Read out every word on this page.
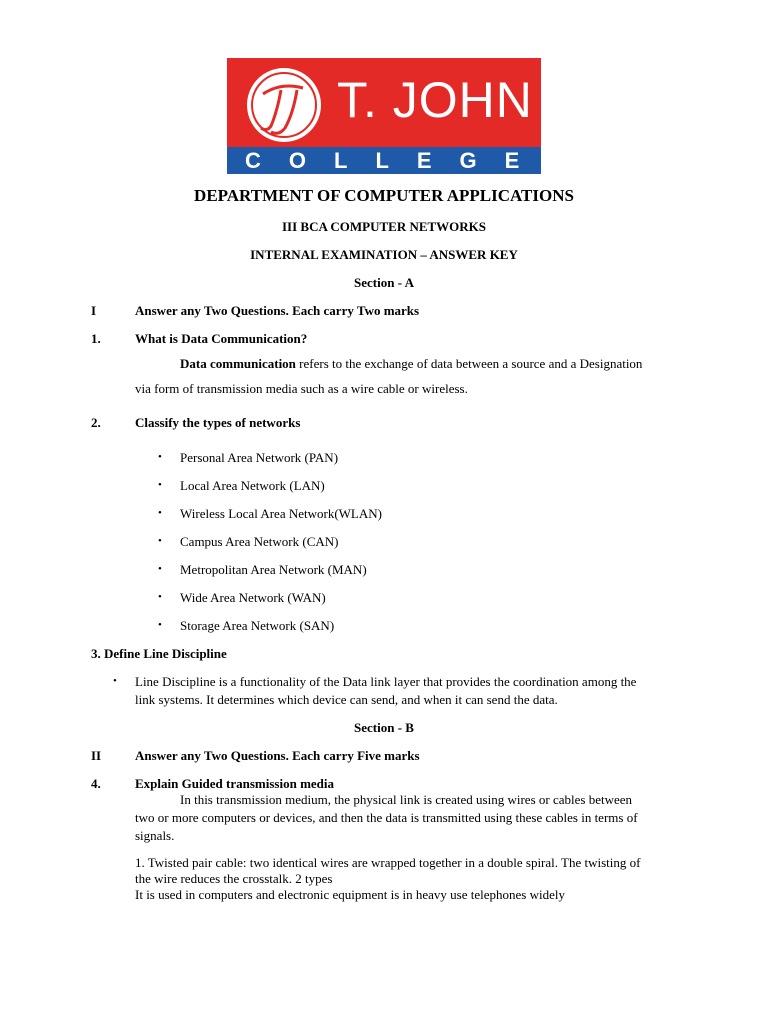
T. JOHN
COLLEGE
DEPARTMENT OF COMPUTER APPLICATIONS
III BCA COMPUTER NETWORKS
INTERNAL EXAMINATION – ANSWER KEY
Section - A
I	Answer any Two Questions. Each carry Two marks
1.	What is Data Communication?
Data communication refers to the exchange of data between a source and a Designation
via form of transmission media such as a wire cable or wireless.
2.	Classify the types of networks
• Personal Area Network (PAN)
• Local Area Network (LAN)
• Wireless Local Area Network(WLAN)
• Campus Area Network (CAN)
• Metropolitan Area Network (MAN)
• Wide Area Network (WAN)
• Storage Area Network (SAN)
3. Define Line Discipline
• Line Discipline is a functionality of the Data link layer that provides the coordination among the
link systems. It determines which device can send, and when it can send the data.
Section - B
II	Answer any Two Questions. Each carry Five marks
4.	Explain Guided transmission media
In this transmission medium, the physical link is created using wires or cables between
two or more computers or devices, and then the data is transmitted using these cables in terms of
signals.
1. Twisted pair cable: two identical wires are wrapped together in a double spiral. The twisting of
the wire reduces the crosstalk. 2 types
It is used in computers and electronic equipment is in heavy use telephones widely
